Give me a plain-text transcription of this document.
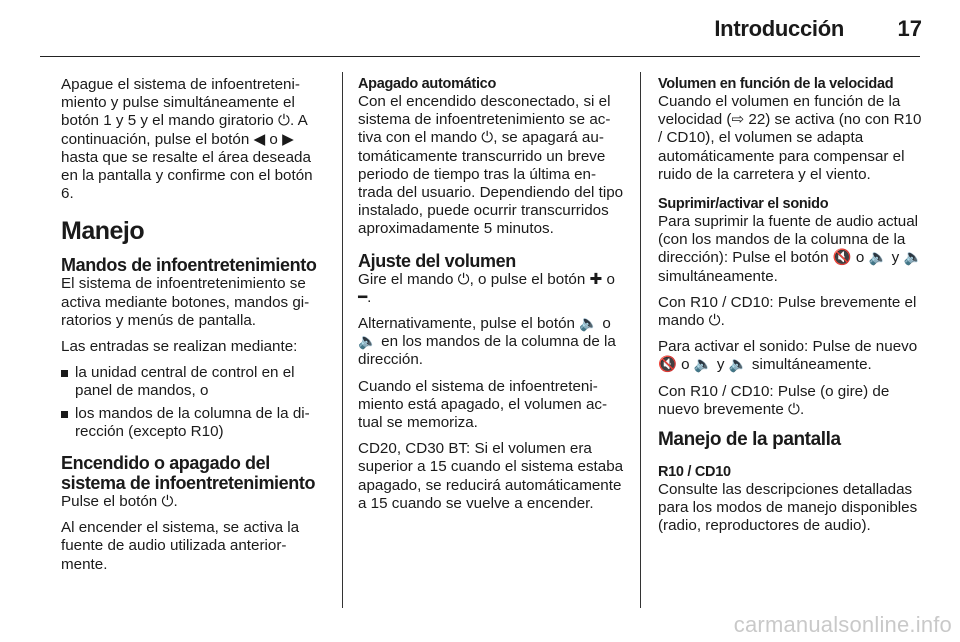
Introducción 17

Apague el sistema de infoentretenimiento y pulse simultáneamente el botón 1 y 5 y el mando giratorio ⏻. A continuación, pulse el botón ◀ o ▶ hasta que se resalte el área deseada en la pantalla y confirme con el botón 6.

Manejo
Mandos de infoentretenimiento

El sistema de infoentretenimiento se activa mediante botones, mandos giratorios y menús de pantalla.

Las entradas se realizan mediante:

la unidad central de control en el panel de mandos, o
los mandos de la columna de la dirección (excepto R10)
Encendido o apagado del sistema de infoentretenimiento

Pulse el botón ⏻.

Al encender el sistema, se activa la fuente de audio utilizada anteriormente.

Apagado automático

Con el encendido desconectado, si el sistema de infoentretenimiento se activa con el mando ⏻, se apagará automáticamente transcurrido un breve periodo de tiempo tras la última entrada del usuario. Dependiendo del tipo instalado, puede ocurrir transcurridos aproximadamente 5 minutos.

Ajuste del volumen

Gire el mando ⏻, o pulse el botón ✚ o ━.

Alternativamente, pulse el botón 🔈 o 🔈 en los mandos de la columna de la dirección.

Cuando el sistema de infoentretenimiento está apagado, el volumen actual se memoriza.

CD20, CD30 BT: Si el volumen era superior a 15 cuando el sistema estaba apagado, se reducirá automáticamente a 15 cuando se vuelve a encender.

Volumen en función de la velocidad

Cuando el volumen en función de la velocidad (⇨ 22) se activa (no con R10 / CD10), el volumen se adapta automáticamente para compensar el ruido de la carretera y el viento.

Suprimir/activar el sonido

Para suprimir la fuente de audio actual (con los mandos de la columna de la dirección): Pulse el botón 🔇 o 🔈 y 🔈 simultáneamente.

Con R10 / CD10: Pulse brevemente el mando ⏻.

Para activar el sonido: Pulse de nuevo 🔇 o 🔈 y 🔈 simultáneamente.

Con R10 / CD10: Pulse (o gire) de nuevo brevemente ⏻.

Manejo de la pantalla
R10 / CD10

Consulte las descripciones detalladas para los modos de manejo disponibles (radio, reproductores de audio).

carmanualsonline.info
